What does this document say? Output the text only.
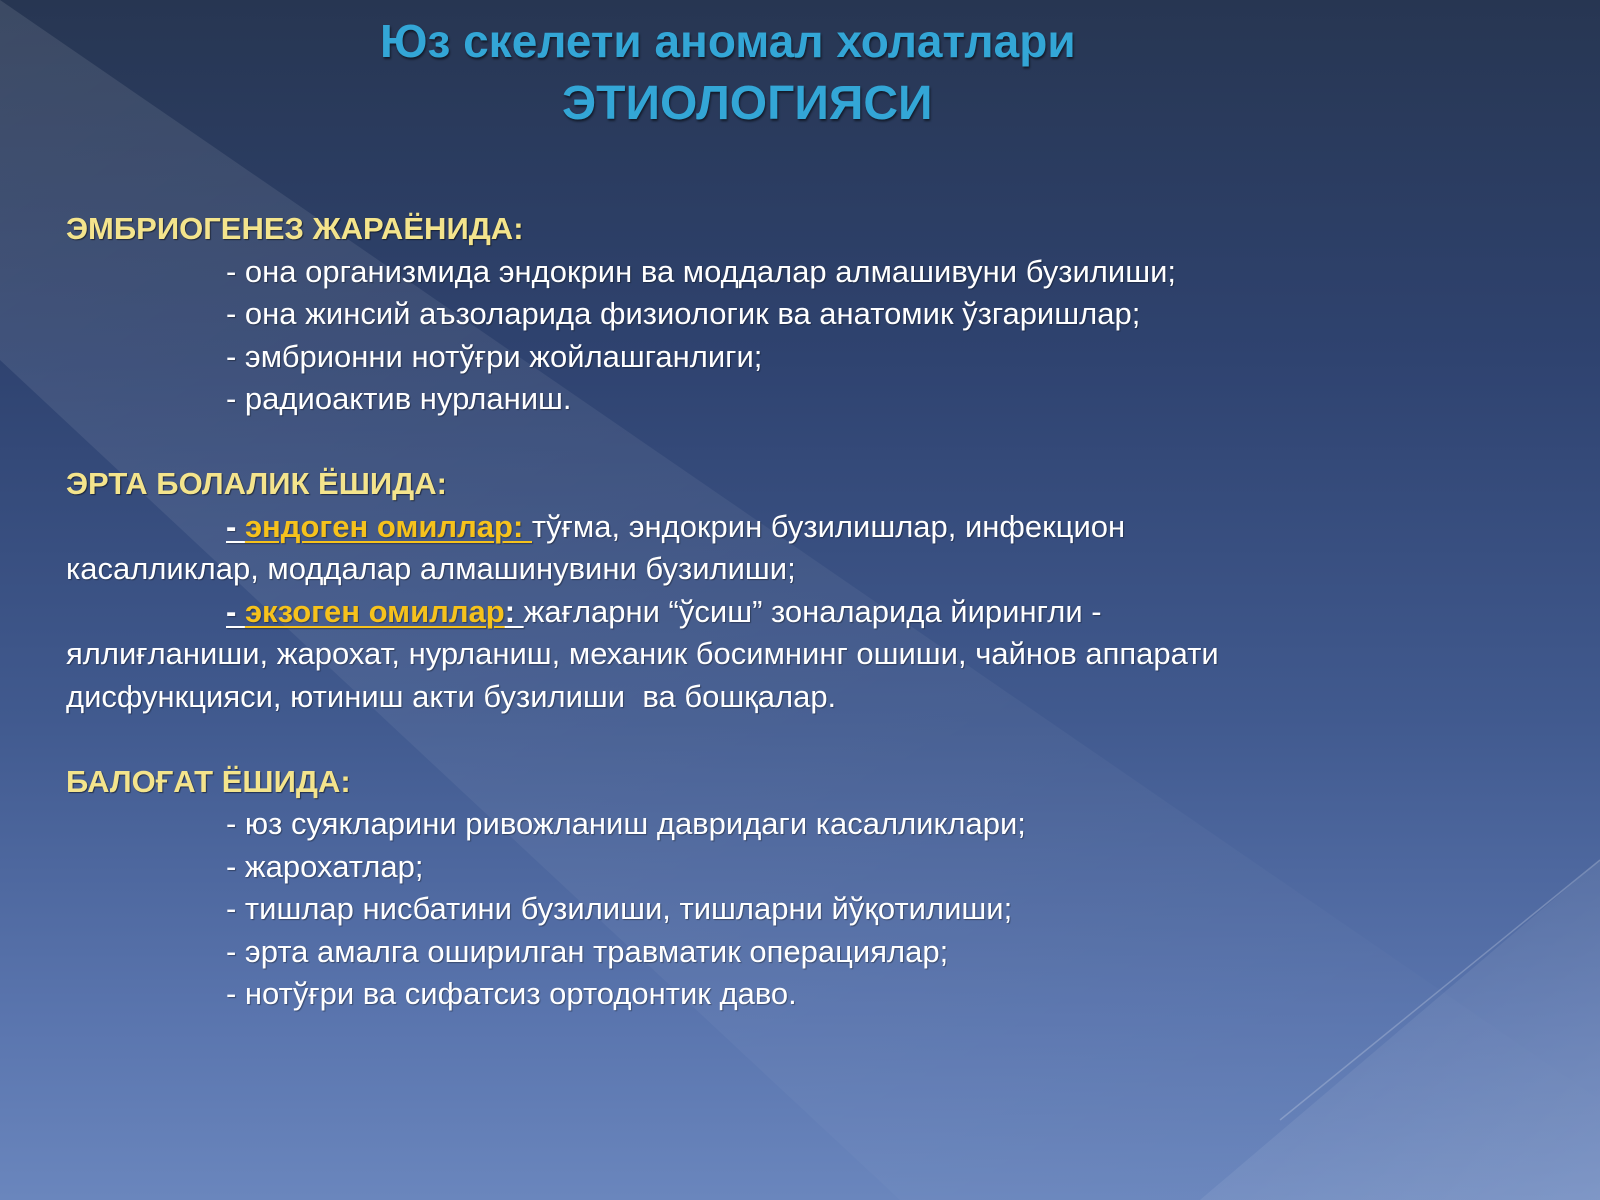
Юз скелети аномал холатлари
ЭТИОЛОГИЯСИ
ЭМБРИОГЕНЕЗ ЖАРАЁНИДА:
- она организмида эндокрин ва моддалар алмашивуни бузилиши;
- она жинсий аъзоларида физиологик ва анатомик ўзгаришлар;
- эмбрионни нотўғри жойлашганлиги;
- радиоактив нурланиш.
ЭРТА БОЛАЛИК ЁШИДА:
- эндоген омиллар: тўғма, эндокрин бузилишлар, инфекцион
касалликлар, моддалар алмашинувини бузилиши;
- экзоген омиллар: жағларни “ўсиш” зоналарида йирингли -
яллиғланиши, жарохат, нурланиш, механик босимнинг ошиши, чайнов аппарати
дисфункцияси, ютиниш акти бузилиши  ва бошқалар.
БАЛОҒАТ ЁШИДА:
- юз суякларини ривожланиш давридаги касалликлари;
- жарохатлар;
- тишлар нисбатини бузилиши, тишларни йўқотилиши;
- эрта амалга оширилган травматик операциялар;
- нотўғри ва сифатсиз ортодонтик даво.
